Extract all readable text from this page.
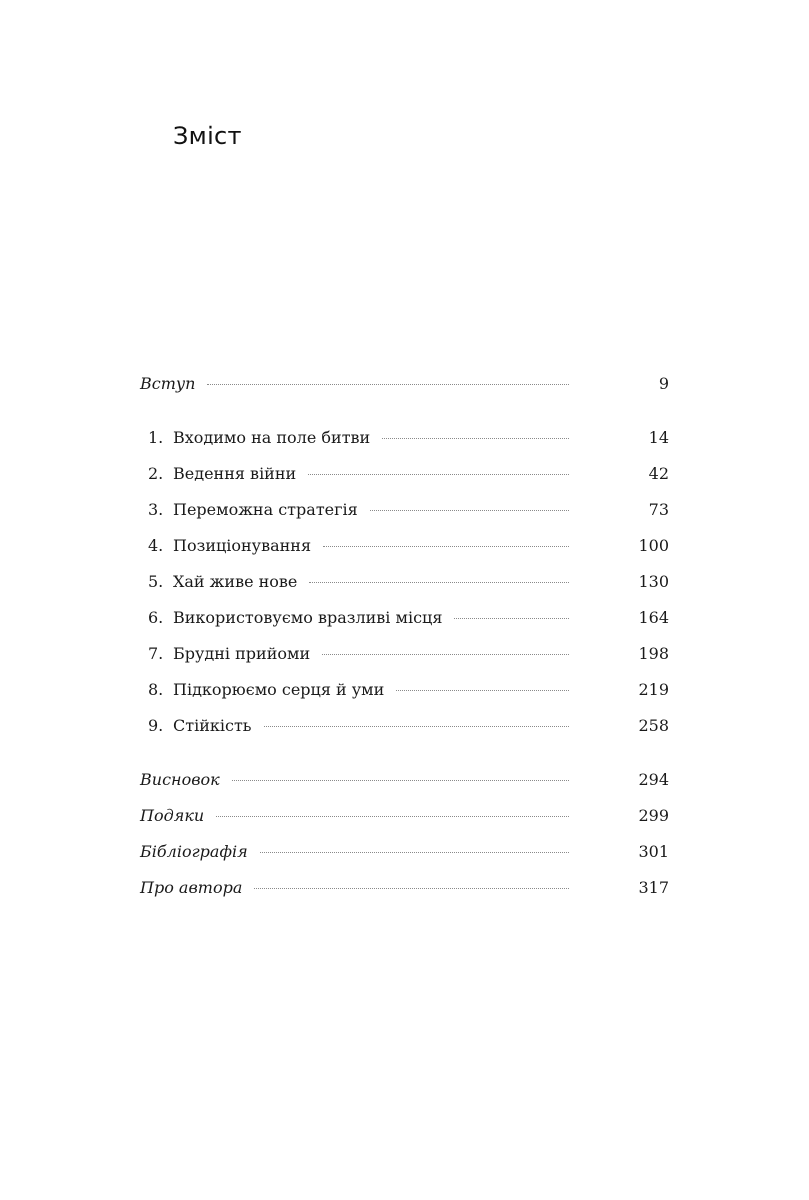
Зміст
Вступ	9
1. Входимо на поле битви	14
2. Ведення війни	42
3. Переможна стратегія	73
4. Позиціонування	100
5. Хай живе нове	130
6. Використовуємо вразливі місця	164
7. Брудні прийоми	198
8. Підкорюємо серця й уми	219
9. Стійкість	258
Висновок	294
Подяки	299
Бібліографія	301
Про автора	317
